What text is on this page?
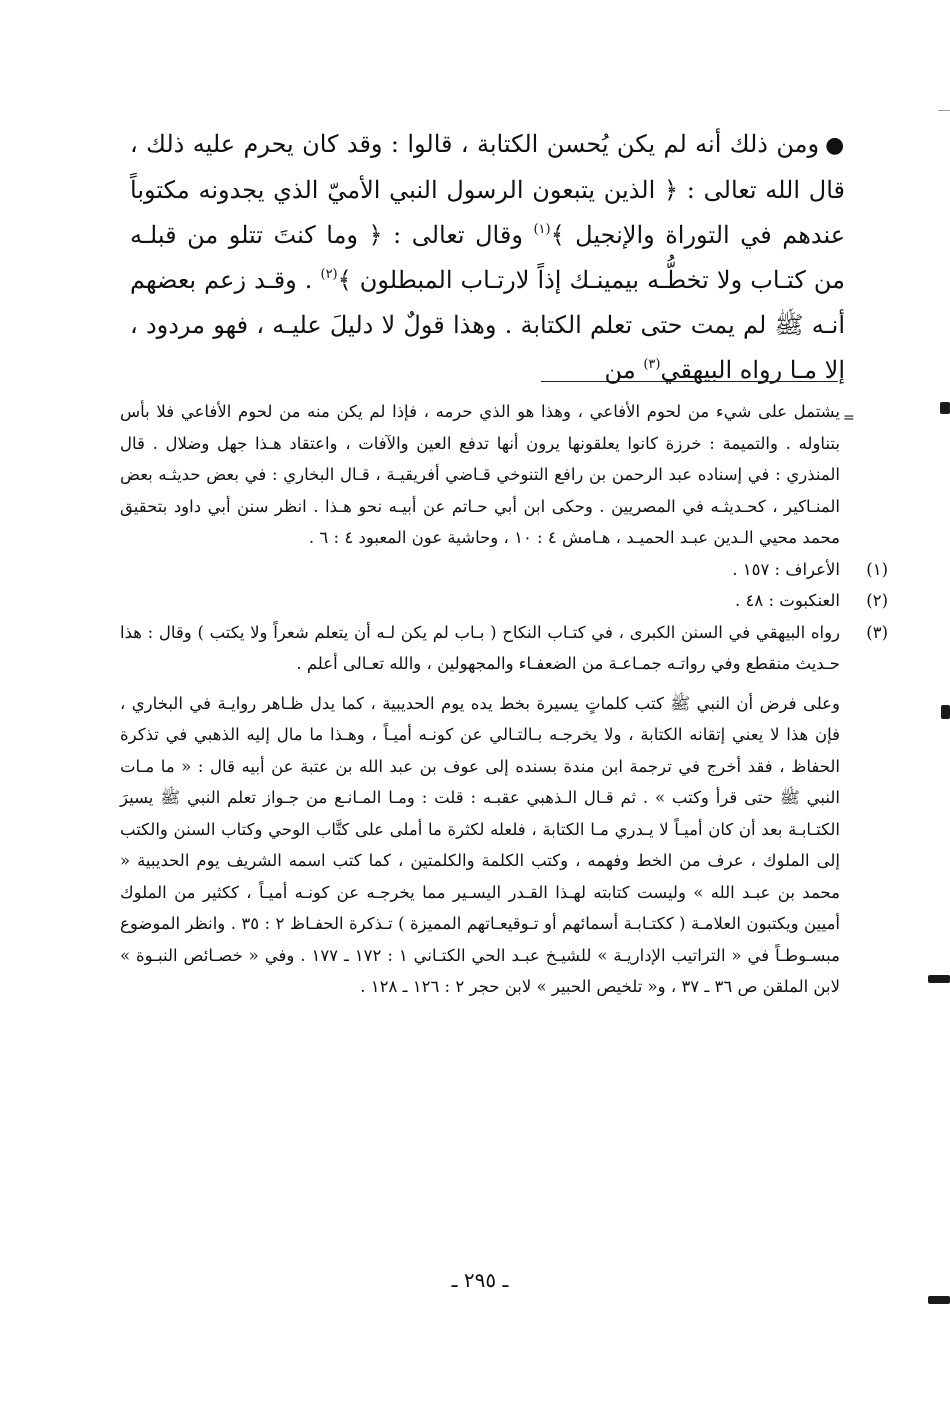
●ومن ذلك أنه لم يكن يُحسن الكتابة ، قالوا : وقد كان يحرم عليه ذلك ، قال الله تعالى : ﴿ الذين يتبعون الرسول النبي الأميّ الذي يجدونه مكتوباً عندهم في التوراة والإنجيل ﴾$^{(١)}$ وقال تعالى : ﴿ وما كنتَ تتلو من قبلـه من كتـاب ولا تخطُّـه بيمينـك إذاً لارتـاب المبطلون ﴾$^{(٢)}$ . وقـد زعم بعضهم أنـه ﷺ لم يمت حتى تعلم الكتابة . وهذا قولٌ لا دليلَ عليـه ، فهو مردود ، إلا مـا رواه البيهقي$^{(٣)}$ من

=

يشتمل على شيء من لحوم الأفاعي ، وهذا هو الذي حرمه ، فإذا لم يكن منه من لحوم الأفاعي فلا بأس بتناوله . والتميمة : خرزة كانوا يعلقونها يرون أنها تدفع العين والآفات ، واعتقاد هـذا جهل وضلال . قال المنذري : في إسناده عبد الرحمن بن رافع التنوخي قـاضي أفريقيـة ، قـال البخاري : في بعض حديثـه بعض المنـاكير ، كحـديثـه في المصريين . وحكى ابن أبي حـاتم عن أبيـه نحو هـذا . انظر سنن أبي داود بتحقيق محمد محيي الـدين عبـد الحميـد ، هـامش ٤ : ١٠ ، وحاشية عون المعبود ٤ : ٦ .

(١)
الأعراف : ١٥٧ .
(٢)
العنكبوت : ٤٨ .
(٣)
رواه البيهقي في السنن الكبرى ، في كتـاب النكاح ( بـاب لم يكن لـه أن يتعلم شعراً ولا يكتب ) وقال : هذا حـديث منقطع وفي رواتـه جمـاعـة من الضعفـاء والمجهولين ، والله تعـالى أعلم .

وعلى فرض أن النبي ﷺ كتب كلماتٍ يسيرة بخط يده يوم الحديبية ، كما يدل ظـاهر روايـة في البخاري ، فإن هذا لا يعني إتقانه الكتابة ، ولا يخرجـه بـالتـالي عن كونـه أميـاً ، وهـذا ما مال إليه الذهبي في تذكرة الحفاظ ، فقد أخرج في ترجمة ابن مندة بسنده إلى عوف بن عبد الله بن عتبة عن أبيه قال : « ما مـات النبي ﷺ حتى قرأ وكتب » . ثم قـال الـذهبي عقبـه : قلت : ومـا المـانـع من جـواز تعلم النبي ﷺ يسيرَ الكتـابـة بعد أن كان أميـاً لا يـدري مـا الكتابة ، فلعله لكثرة ما أملى على كتَّاب الوحي وكتاب السنن والكتب إلى الملوك ، عرف من الخط وفهمه ، وكتب الكلمة والكلمتين ، كما كتب اسمه الشريف يوم الحديبية « محمد بن عبـد الله » وليست كتابته لهـذا القـدر اليسـير مما يخرجـه عن كونـه أميـاً ، ككثير من الملوك أميين ويكتبون العلامـة ( ككتـابـة أسمائهم أو تـوقيعـاتهم المميزة ) تـذكرة الحفـاظ ٢ : ٣٥ . وانظر الموضوع مبسـوطـاً في « التراتيب الإداريـة » للشيـخ عبـد الحي الكتـاني ١ : ١٧٢ ـ ١٧٧ . وفي « خصـائص النبـوة » لابن الملقن ص ٣٦ ـ ٣٧ ، و« تلخيص الحبير » لابن حجر ٢ : ١٢٦ ـ ١٢٨ .

ـ ٢٩٥ ـ
